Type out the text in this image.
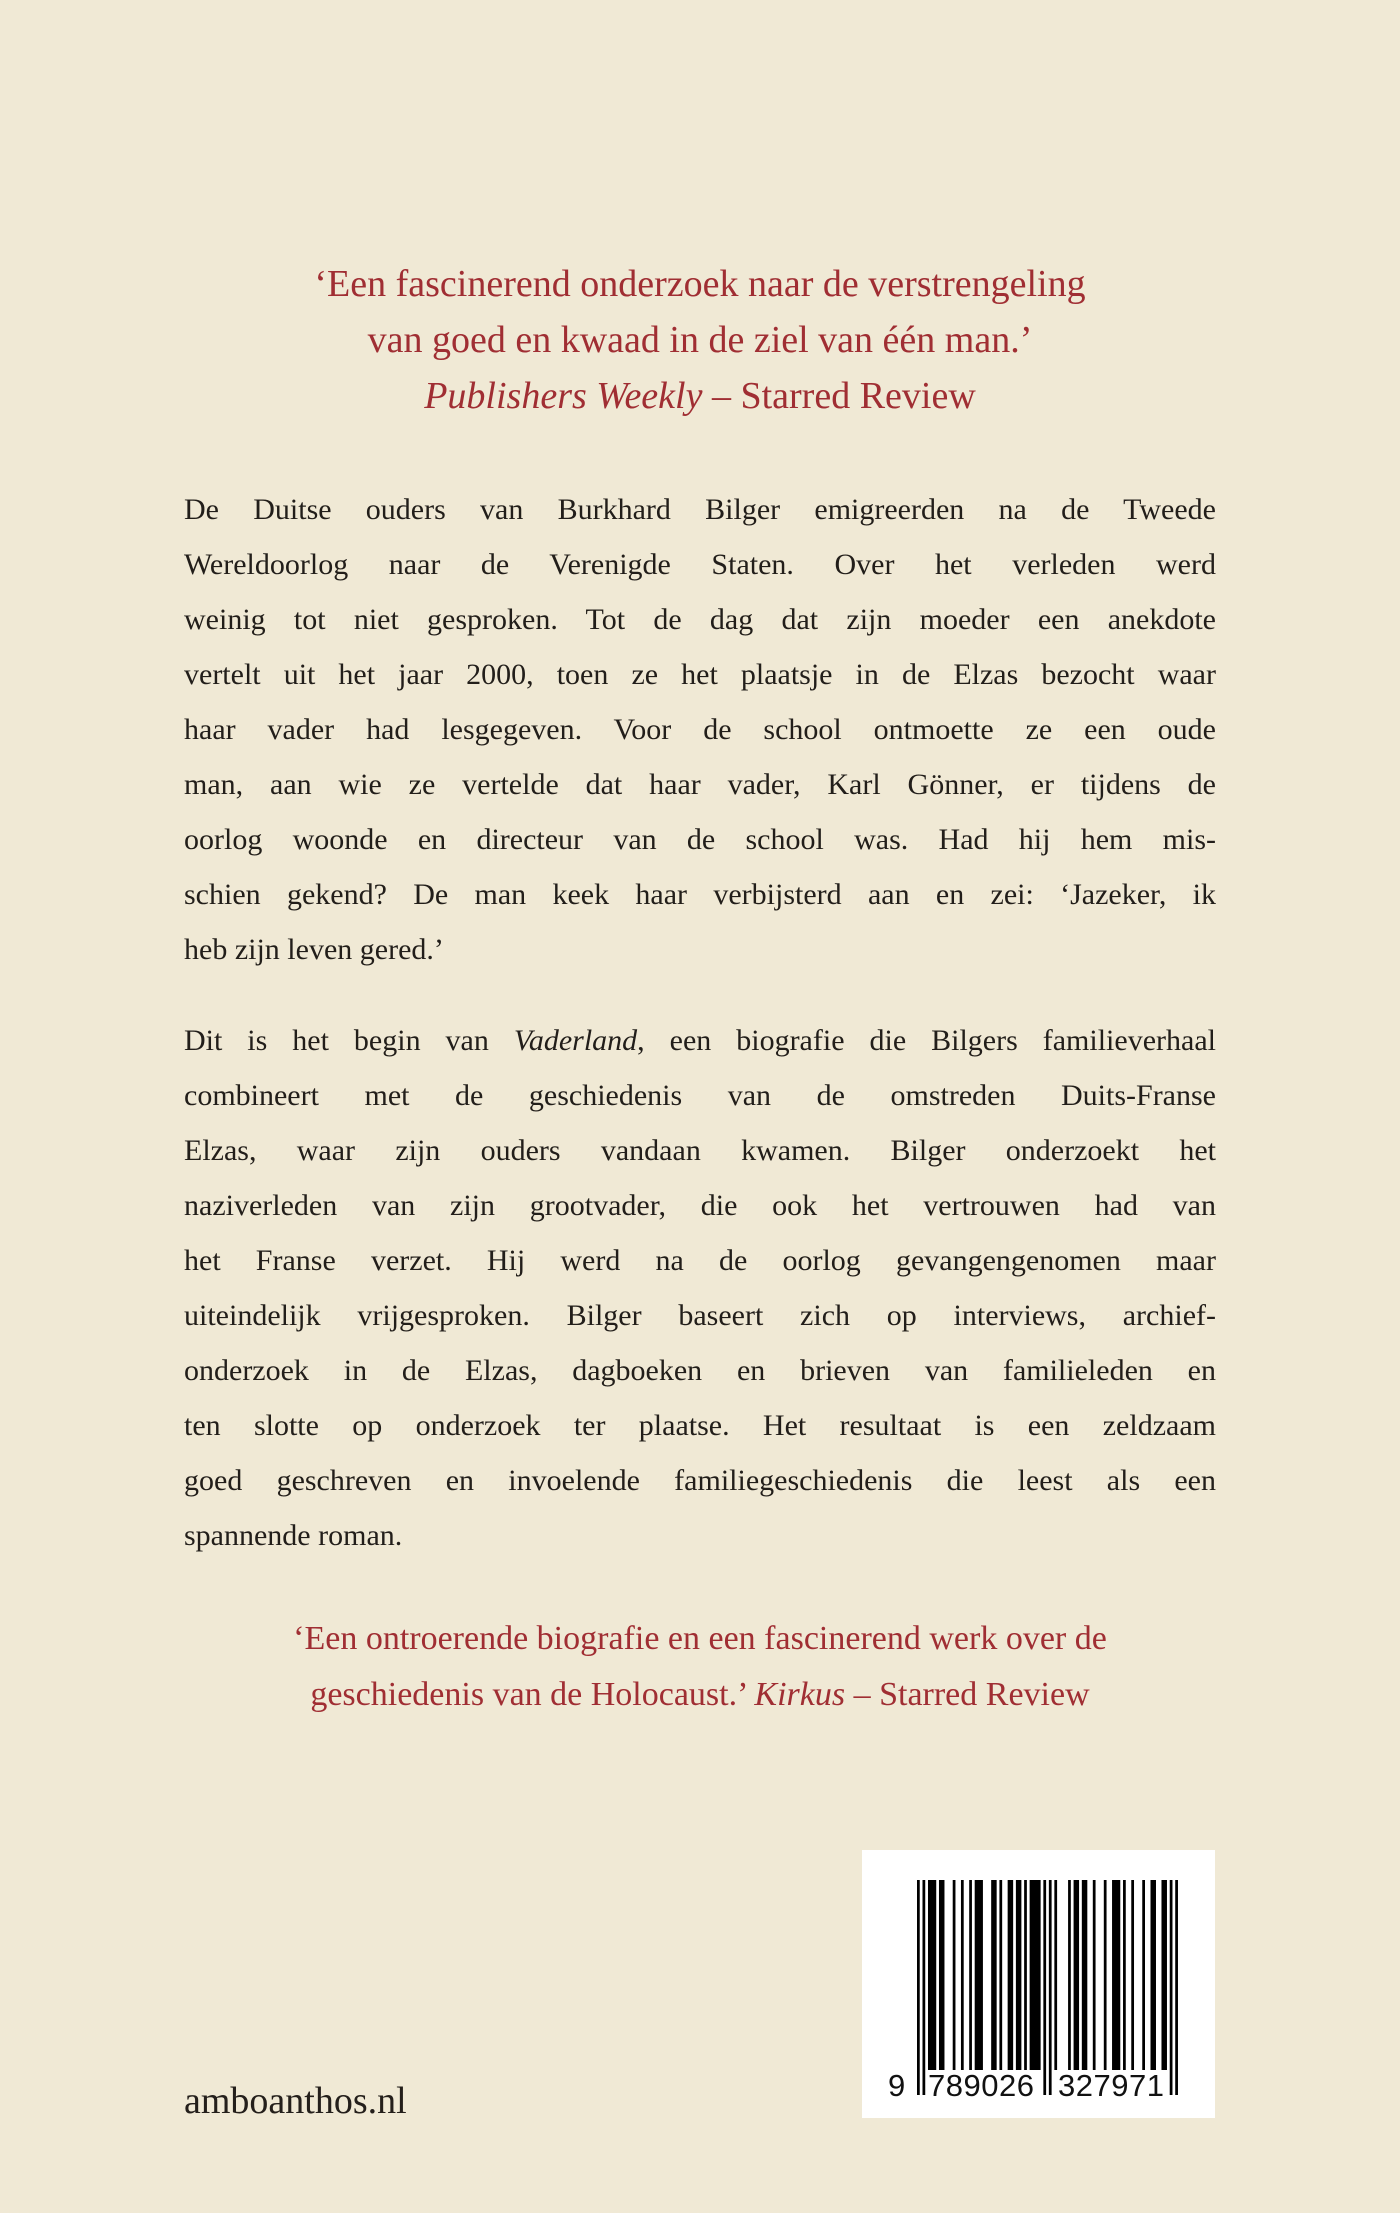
‘Een fascinerend onderzoek naar de verstrengeling
van goed en kwaad in de ziel van één man.’
Publishers Weekly – Starred Review
De Duitse ouders van Burkhard Bilger emigreerden na de Tweede
Wereldoorlog naar de Verenigde Staten. Over het verleden werd
weinig tot niet gesproken. Tot de dag dat zijn moeder een anekdote
vertelt uit het jaar 2000, toen ze het plaatsje in de Elzas bezocht waar
haar vader had lesgegeven. Voor de school ontmoette ze een oude
man, aan wie ze vertelde dat haar vader, Karl Gönner, er tijdens de
oorlog woonde en directeur van de school was. Had hij hem mis-
schien gekend? De man keek haar verbijsterd aan en zei: ‘Jazeker, ik
heb zijn leven gered.’
Dit is het begin van Vaderland, een biografie die Bilgers familieverhaal
combineert met de geschiedenis van de omstreden Duits-Franse
Elzas, waar zijn ouders vandaan kwamen. Bilger onderzoekt het
naziverleden van zijn grootvader, die ook het vertrouwen had van
het Franse verzet. Hij werd na de oorlog gevangengenomen maar
uiteindelijk vrijgesproken. Bilger baseert zich op interviews, archief-
onderzoek in de Elzas, dagboeken en brieven van familieleden en
ten slotte op onderzoek ter plaatse. Het resultaat is een zeldzaam
goed geschreven en invoelende familiegeschiedenis die leest als een
spannende roman.
‘Een ontroerende biografie en een fascinerend werk over de
geschiedenis van de Holocaust.’ Kirkus – Starred Review
9 789026 327971
amboanthos.nl
